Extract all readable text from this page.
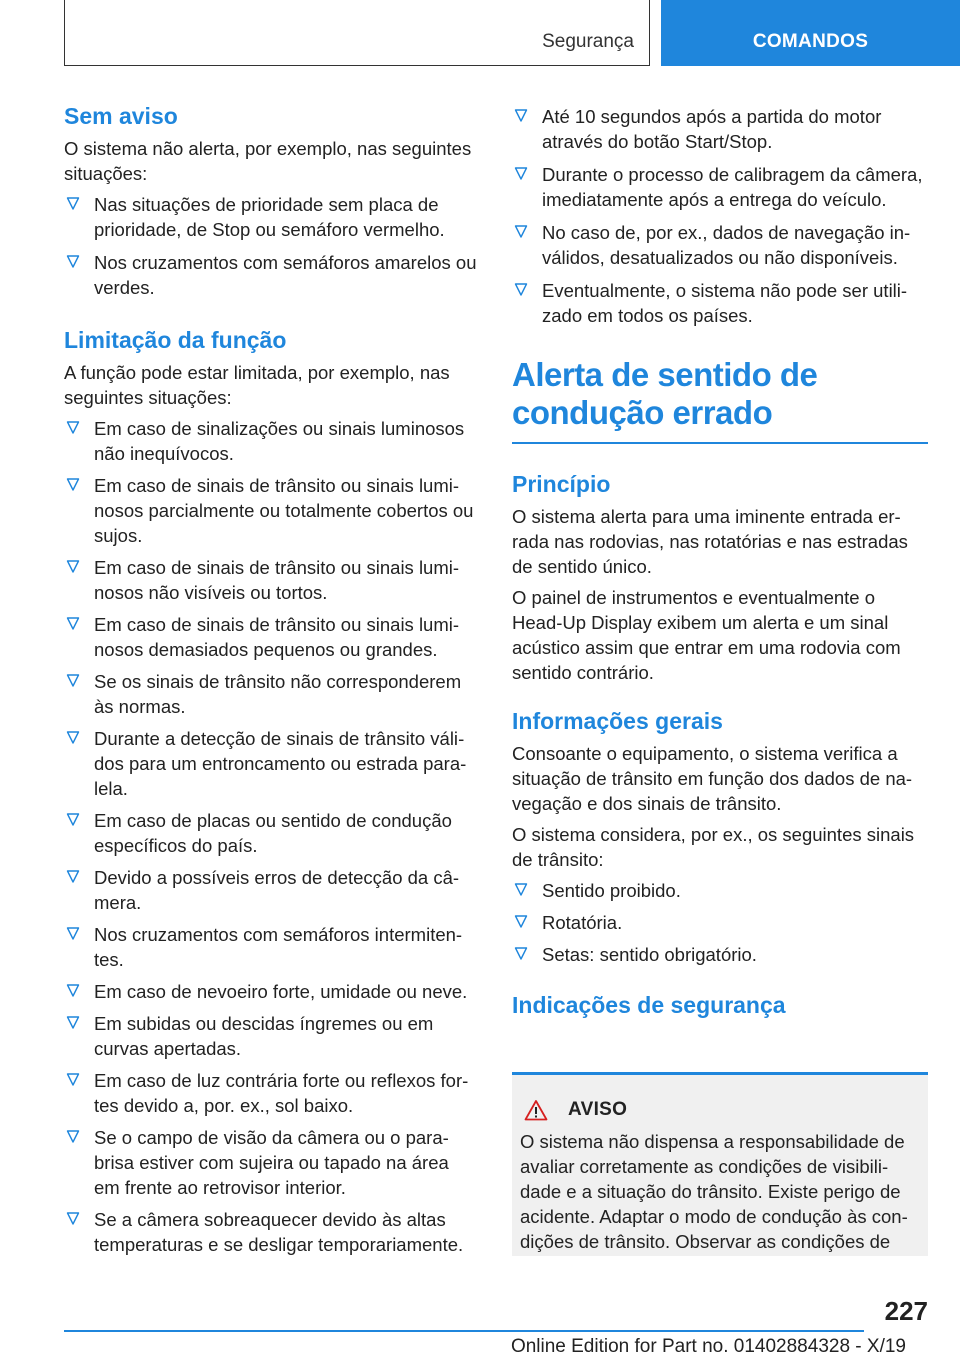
Segurança	COMANDOS
Sem aviso
O sistema não alerta, por exemplo, nas seguintes situações:
Nas situações de prioridade sem placa de prioridade, de Stop ou semáforo vermelho.
Nos cruzamentos com semáforos amarelos ou verdes.
Limitação da função
A função pode estar limitada, por exemplo, nas seguintes situações:
Em caso de sinalizações ou sinais luminosos não inequívocos.
Em caso de sinais de trânsito ou sinais luminosos parcialmente ou totalmente cobertos ou sujos.
Em caso de sinais de trânsito ou sinais luminosos não visíveis ou tortos.
Em caso de sinais de trânsito ou sinais luminosos demasiados pequenos ou grandes.
Se os sinais de trânsito não corresponderem às normas.
Durante a detecção de sinais de trânsito válidos para um entroncamento ou estrada paralela.
Em caso de placas ou sentido de condução específicos do país.
Devido a possíveis erros de detecção da câmera.
Nos cruzamentos com semáforos intermitentes.
Em caso de nevoeiro forte, umidade ou neve.
Em subidas ou descidas íngremes ou em curvas apertadas.
Em caso de luz contrária forte ou reflexos fortes devido a, por. ex., sol baixo.
Se o campo de visão da câmera ou o para-brisa estiver com sujeira ou tapado na área em frente ao retrovisor interior.
Se a câmera sobreaquecer devido às altas temperaturas e se desligar temporariamente.
Até 10 segundos após a partida do motor através do botão Start/Stop.
Durante o processo de calibragem da câmera, imediatamente após a entrega do veículo.
No caso de, por ex., dados de navegação inválidos, desatualizados ou não disponíveis.
Eventualmente, o sistema não pode ser utilizado em todos os países.
Alerta de sentido de condução errado
Princípio
O sistema alerta para uma iminente entrada errada nas rodovias, nas rotatórias e nas estradas de sentido único.
O painel de instrumentos e eventualmente o Head-Up Display exibem um alerta e um sinal acústico assim que entrar em uma rodovia com sentido contrário.
Informações gerais
Consoante o equipamento, o sistema verifica a situação de trânsito em função dos dados de navegação e dos sinais de trânsito.
O sistema considera, por ex., os seguintes sinais de trânsito:
Sentido proibido.
Rotatória.
Setas: sentido obrigatório.
Indicações de segurança
AVISO
O sistema não dispensa a responsabilidade de avaliar corretamente as condições de visibilidade e a situação do trânsito. Existe perigo de acidente. Adaptar o modo de condução às condições de trânsito. Observar as condições de
227
Online Edition for Part no. 01402884328 - X/19
